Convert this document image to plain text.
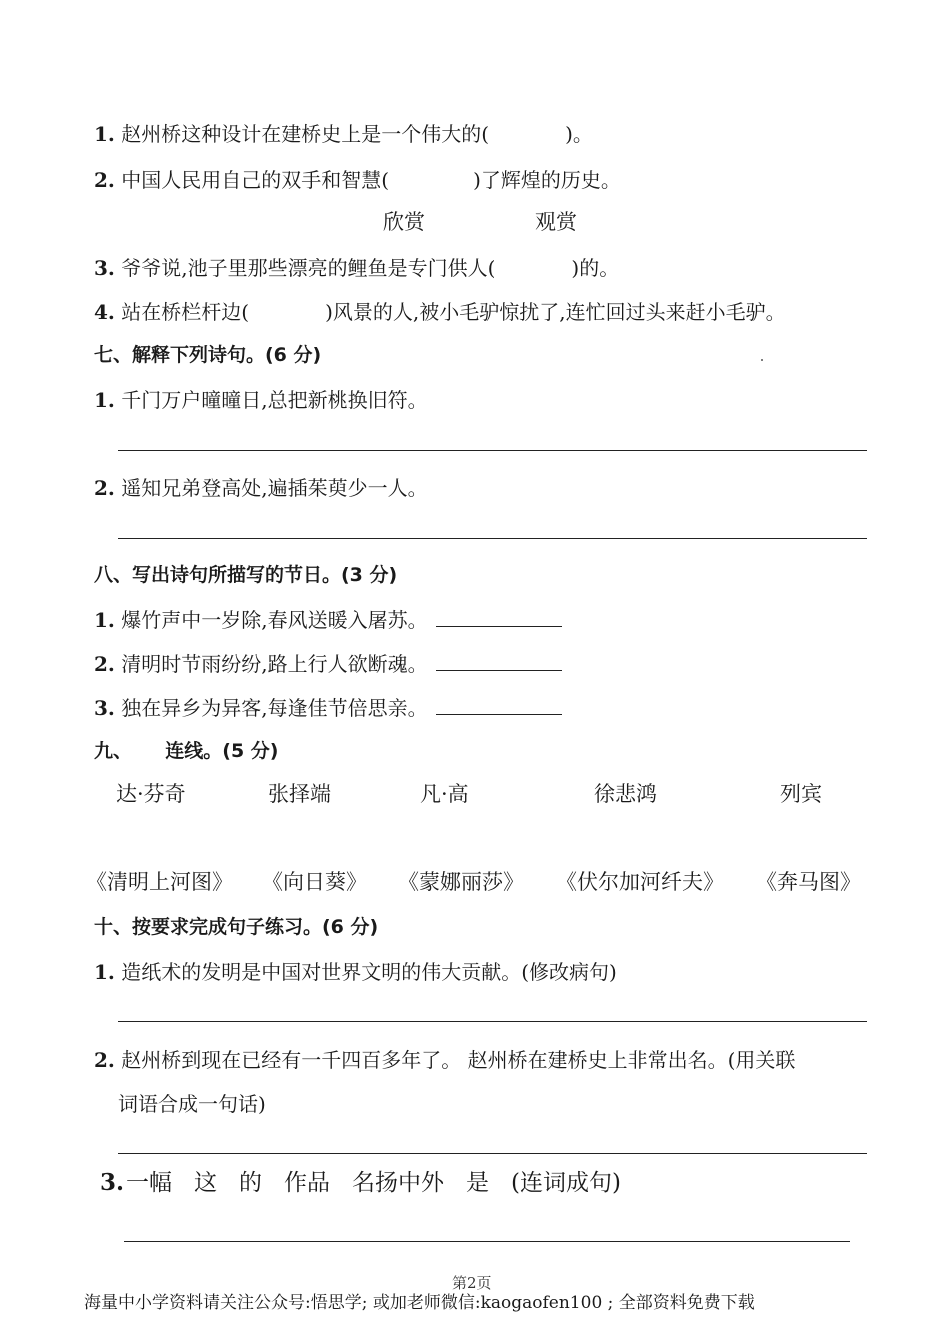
1. 赵州桥这种设计在建桥史上是一个伟大的(	)。
2. 中国人民用自己的双手和智慧(	)了辉煌的历史。
欣赏	观赏
3. 爷爷说,池子里那些漂亮的鲤鱼是专门供人(	)的。
4. 站在桥栏杆边(	)风景的人,被小毛驴惊扰了,连忙回过头来赶小毛驴。
七、解释下列诗句。(6 分)
1. 千门万户曈曈日,总把新桃换旧符。
2. 遥知兄弟登高处,遍插茱萸少一人。
八、写出诗句所描写的节日。(3 分)
1. 爆竹声中一岁除,春风送暖入屠苏。
2. 清明时节雨纷纷,路上行人欲断魂。
3. 独在异乡为异客,每逢佳节倍思亲。
九、 连线。(5 分)
达·芬奇	张择端	凡·高	徐悲鸿	列宾
《清明上河图》 《向日葵》 《蒙娜丽莎》 《伏尔加河纤夫》 《奔马图》
十、按要求完成句子练习。(6 分)
1. 造纸术的发明是中国对世界文明的伟大贡献。(修改病句)
2. 赵州桥到现在已经有一千四百多年了。 赵州桥在建桥史上非常出名。(用关联
词语合成一句话)
3.一幅 这 的 作品 名扬中外 是 (连词成句)
第2页
海量中小学资料请关注公众号:悟思学; 或加老师微信:kaogaofen100 ; 全部资料免费下载
